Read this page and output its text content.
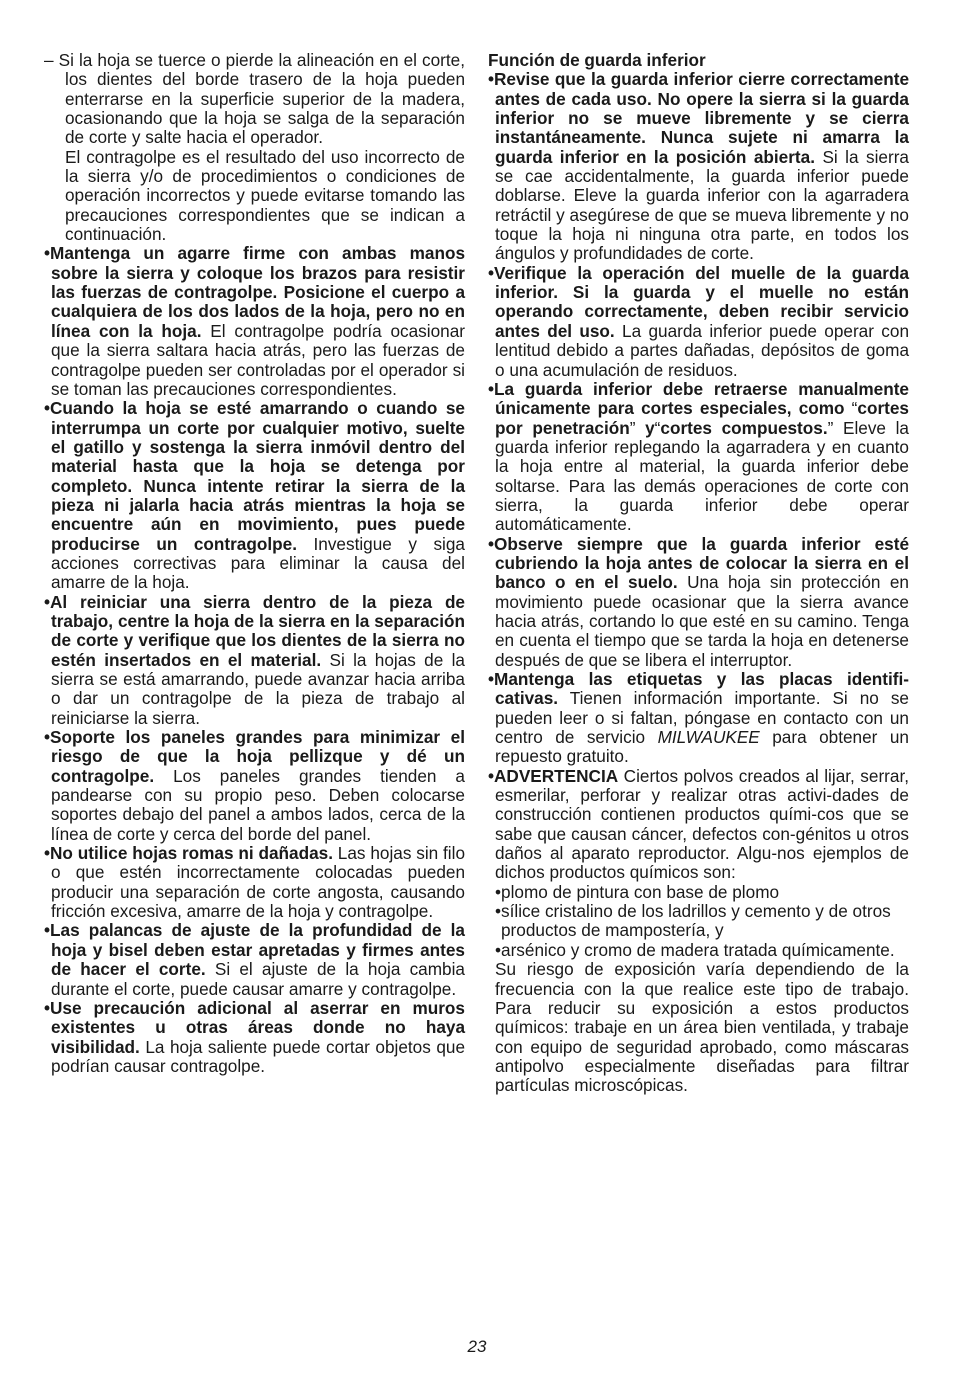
– Si la hoja se tuerce o pierde la alineación en el corte, los dientes del borde trasero de la hoja pueden enterrarse en la superficie superior de la madera, ocasionando que la hoja se salga de la separación de corte y salte hacia el operador.

El contragolpe es el resultado del uso incorrecto de la sierra y/o de procedimientos o condiciones de operación incorrectos y puede evitarse tomando las precauciones correspondientes que se indican a continuación.

•Mantenga un agarre firme con ambas manos sobre la sierra y coloque los brazos para resistir las fuerzas de contragolpe. Posicione el cuerpo a cualquiera de los dos lados de la hoja, pero no en línea con la hoja. El contragolpe podría ocasionar que la sierra saltara hacia atrás, pero las fuerzas de contragolpe pueden ser controladas por el operador si se toman las precauciones correspondientes.

•Cuando la hoja se esté amarrando o cuando se interrumpa un corte por cualquier motivo, suelte el gatillo y sostenga la sierra inmóvil dentro del material hasta que la hoja se detenga por completo. Nunca intente retirar la sierra de la pieza ni jalarla hacia atrás mientras la hoja se encuentre aún en movimiento, pues puede producirse un contragolpe. Investigue y siga acciones correctivas para eliminar la causa del amarre de la hoja.

•Al reiniciar una sierra dentro de la pieza de trabajo, centre la hoja de la sierra en la separación de corte y verifique que los dientes de la sierra no estén insertados en el material. Si la hojas de la sierra se está amarrando, puede avanzar hacia arriba o dar un contragolpe de la pieza de trabajo al reiniciarse la sierra.

•Soporte los paneles grandes para minimizar el riesgo de que la hoja pellizque y dé un contragolpe. Los paneles grandes tienden a pandearse con su propio peso. Deben colocarse soportes debajo del panel a ambos lados, cerca de la línea de corte y cerca del borde del panel.

•No utilice hojas romas ni dañadas. Las hojas sin filo o que estén incorrectamente colocadas pueden producir una separación de corte angosta, causando fricción excesiva, amarre de la hoja y contragolpe.

•Las palancas de ajuste de la profundidad de la hoja y bisel deben estar apretadas y firmes antes de hacer el corte. Si el ajuste de la hoja cambia durante el corte, puede causar amarre y contragolpe.

•Use precaución adicional al aserrar en muros existentes u otras áreas donde no haya visibilidad. La hoja saliente puede cortar objetos que podrían causar contragolpe.

Función de guarda inferior

•Revise que la guarda inferior cierre correctamente antes de cada uso. No opere la sierra si la guarda inferior no se mueve libremente y se cierra instantáneamente. Nunca sujete ni amarra la guarda inferior en la posición abierta. Si la sierra se cae accidentalmente, la guarda inferior puede doblarse. Eleve la guarda inferior con la agarradera retráctil y asegúrese de que se mueva libremente y no toque la hoja ni ninguna otra parte, en todos los ángulos y profundidades de corte.

•Verifique la operación del muelle de la guarda inferior. Si la guarda y el muelle no están operando correctamente, deben recibir servicio antes del uso. La guarda inferior puede operar con lentitud debido a partes dañadas, depósitos de goma o una acumulación de residuos.

•La guarda inferior debe retraerse manualmente únicamente para cortes especiales, como “cortes por penetración” y“cortes compuestos.” Eleve la guarda inferior replegando la agarradera y en cuanto la hoja entre al material, la guarda inferior debe soltarse. Para las demás operaciones de corte con sierra, la guarda inferior debe operar automáticamente.

•Observe siempre que la guarda inferior esté cubriendo la hoja antes de colocar la sierra en el banco o en el suelo. Una hoja sin protección en movimiento puede ocasionar que la sierra avance hacia atrás, cortando lo que esté en su camino. Tenga en cuenta el tiempo que se tarda la hoja en detenerse después de que se libera el interruptor.

•Mantenga las etiquetas y las placas identifi-cativas. Tienen información importante. Si no se pueden leer o si faltan, póngase en contacto con un centro de servicio MILWAUKEE para obtener un repuesto gratuito.

•ADVERTENCIA Ciertos polvos creados al lijar, serrar, esmerilar, perforar y realizar otras activi-dades de construcción contienen productos quími-cos que se sabe que causan cáncer, defectos con-génitos u otros daños al aparato reproductor. Algu-nos ejemplos de dichos productos químicos son:

•plomo de pintura con base de plomo

•sílice cristalino de los ladrillos y cemento y de otros productos de mampostería, y

•arsénico y cromo de madera tratada químicamente.

Su riesgo de exposición varía dependiendo de la frecuencia con la que realice este tipo de trabajo. Para reducir su exposición a estos productos químicos: trabaje en un área bien ventilada, y trabaje con equipo de seguridad aprobado, como máscaras antipolvo especialmente diseñadas para filtrar partículas microscópicas.

23
